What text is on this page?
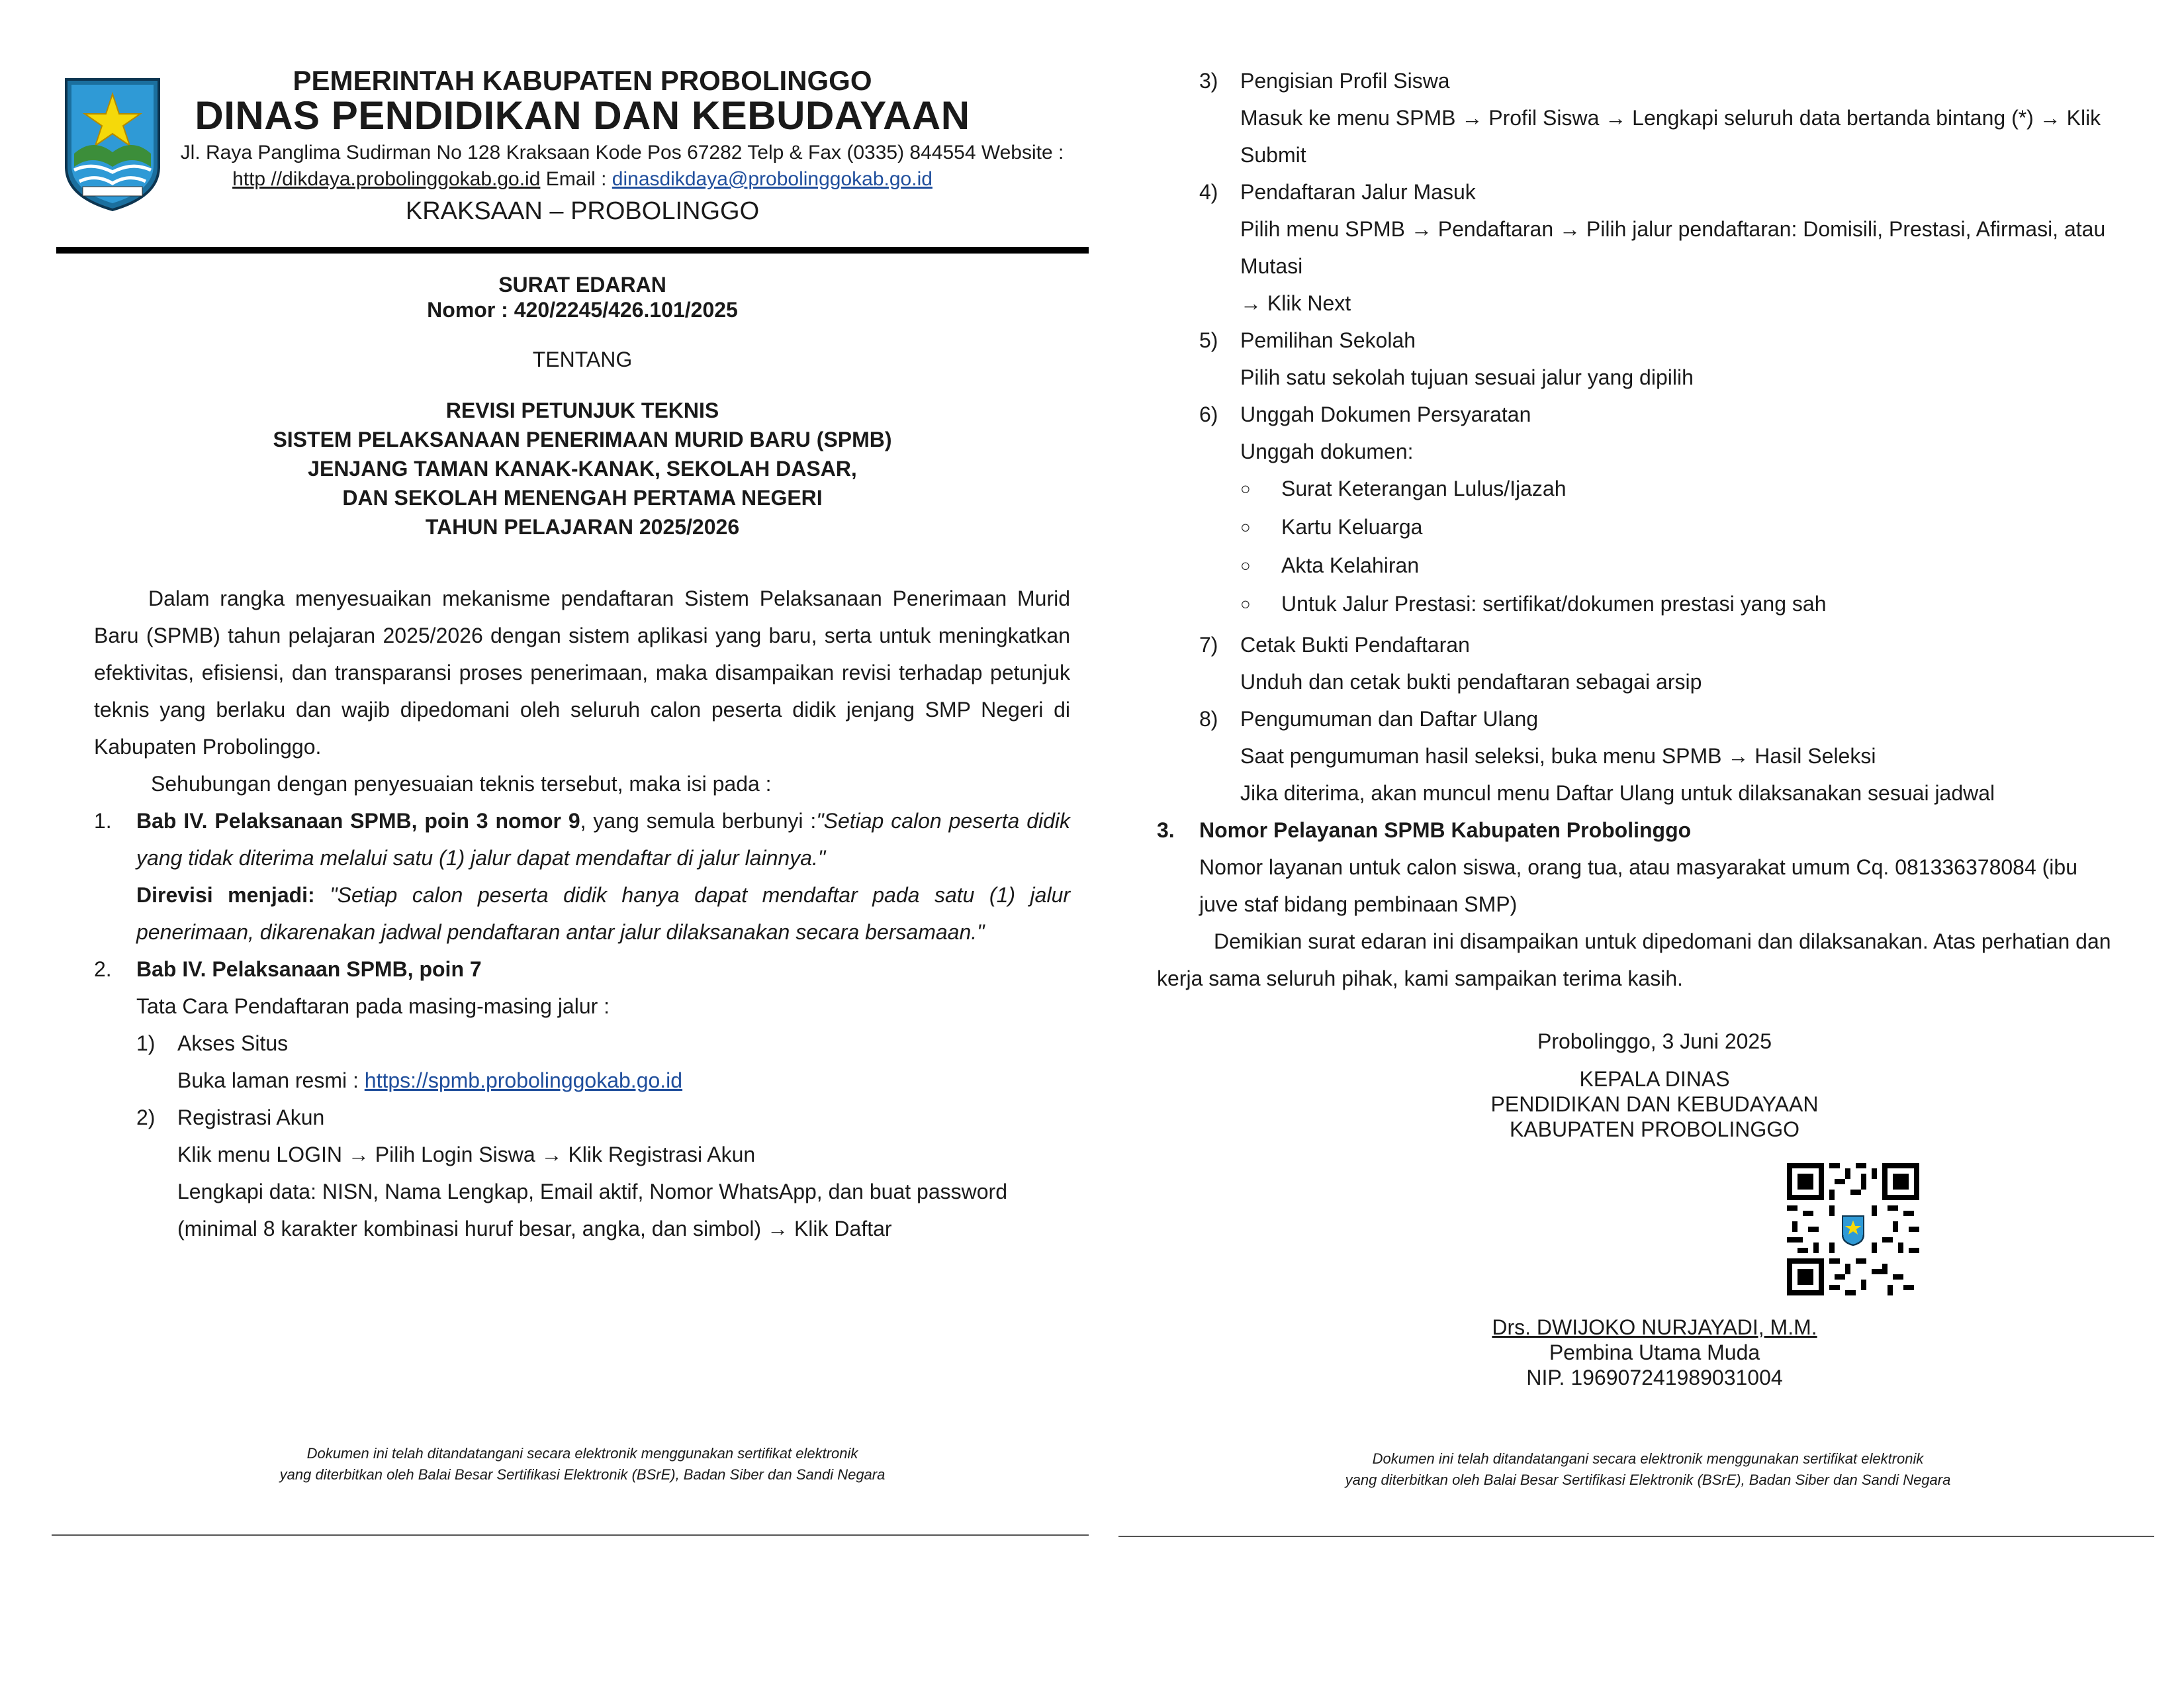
PEMERINTAH KABUPATEN PROBOLINGGO
DINAS PENDIDIKAN DAN KEBUDAYAAN
Jl. Raya Panglima Sudirman No 128 Kraksaan Kode Pos 67282 Telp & Fax (0335) 844554 Website :
http //dikdaya.probolinggokab.go.id Email : dinasdikdaya@probolinggokab.go.id
KRAKSAAN – PROBOLINGGO
SURAT EDARAN
Nomor : 420/2245/426.101/2025
TENTANG
REVISI PETUNJUK TEKNIS
SISTEM PELAKSANAAN PENERIMAAN MURID BARU (SPMB)
JENJANG TAMAN KANAK-KANAK, SEKOLAH DASAR,
DAN SEKOLAH MENENGAH PERTAMA NEGERI
TAHUN PELAJARAN 2025/2026
Dalam rangka menyesuaikan mekanisme pendaftaran Sistem Pelaksanaan Penerimaan Murid Baru (SPMB) tahun pelajaran 2025/2026 dengan sistem aplikasi yang baru, serta untuk meningkatkan efektivitas, efisiensi, dan transparansi proses penerimaan, maka disampaikan revisi terhadap petunjuk teknis yang berlaku dan wajib dipedomani oleh seluruh calon peserta didik jenjang SMP Negeri di Kabupaten Probolinggo.
Sehubungan dengan penyesuaian teknis tersebut, maka isi pada :
1. Bab IV. Pelaksanaan SPMB, poin 3 nomor 9, yang semula berbunyi :"Setiap calon peserta didik yang tidak diterima melalui satu (1) jalur dapat mendaftar di jalur lainnya."
Direvisi menjadi: "Setiap calon peserta didik hanya dapat mendaftar pada satu (1) jalur penerimaan, dikarenakan jadwal pendaftaran antar jalur dilaksanakan secara bersamaan."
2. Bab IV. Pelaksanaan SPMB, poin 7
Tata Cara Pendaftaran pada masing-masing jalur :
1) Akses Situs
Buka laman resmi : https://spmb.probolinggokab.go.id
2) Registrasi Akun
Klik menu LOGIN → Pilih Login Siswa → Klik Registrasi Akun
Lengkapi data: NISN, Nama Lengkap, Email aktif, Nomor WhatsApp, dan buat password
(minimal 8 karakter kombinasi huruf besar, angka, dan simbol) → Klik Daftar
Dokumen ini telah ditandatangani secara elektronik menggunakan sertifikat elektronik
yang diterbitkan oleh Balai Besar Sertifikasi Elektronik (BSrE), Badan Siber dan Sandi Negara
3) Pengisian Profil Siswa
Masuk ke menu SPMB → Profil Siswa → Lengkapi seluruh data bertanda bintang (*) → Klik
Submit
4) Pendaftaran Jalur Masuk
Pilih menu SPMB → Pendaftaran → Pilih jalur pendaftaran: Domisili, Prestasi, Afirmasi, atau
Mutasi
→ Klik Next
5) Pemilihan Sekolah
Pilih satu sekolah tujuan sesuai jalur yang dipilih
6) Unggah Dokumen Persyaratan
Unggah dokumen:
○ Surat Keterangan Lulus/Ijazah
○ Kartu Keluarga
○ Akta Kelahiran
○ Untuk Jalur Prestasi: sertifikat/dokumen prestasi yang sah
7) Cetak Bukti Pendaftaran
Unduh dan cetak bukti pendaftaran sebagai arsip
8) Pengumuman dan Daftar Ulang
Saat pengumuman hasil seleksi, buka menu SPMB → Hasil Seleksi
Jika diterima, akan muncul menu Daftar Ulang untuk dilaksanakan sesuai jadwal
3. Nomor Pelayanan SPMB Kabupaten Probolinggo
Nomor layanan untuk calon siswa, orang tua, atau masyarakat umum Cq. 081336378084 (ibu
juve staf bidang pembinaan SMP)
Demikian surat edaran ini disampaikan untuk dipedomani dan dilaksanakan. Atas perhatian dan
kerja sama seluruh pihak, kami sampaikan terima kasih.
Probolinggo, 3 Juni 2025
KEPALA DINAS
PENDIDIKAN DAN KEBUDAYAAN
KABUPATEN PROBOLINGGO
Drs. DWIJOKO NURJAYADI, M.M.
Pembina Utama Muda
NIP. 196907241989031004
Dokumen ini telah ditandatangani secara elektronik menggunakan sertifikat elektronik
yang diterbitkan oleh Balai Besar Sertifikasi Elektronik (BSrE), Badan Siber dan Sandi Negara
